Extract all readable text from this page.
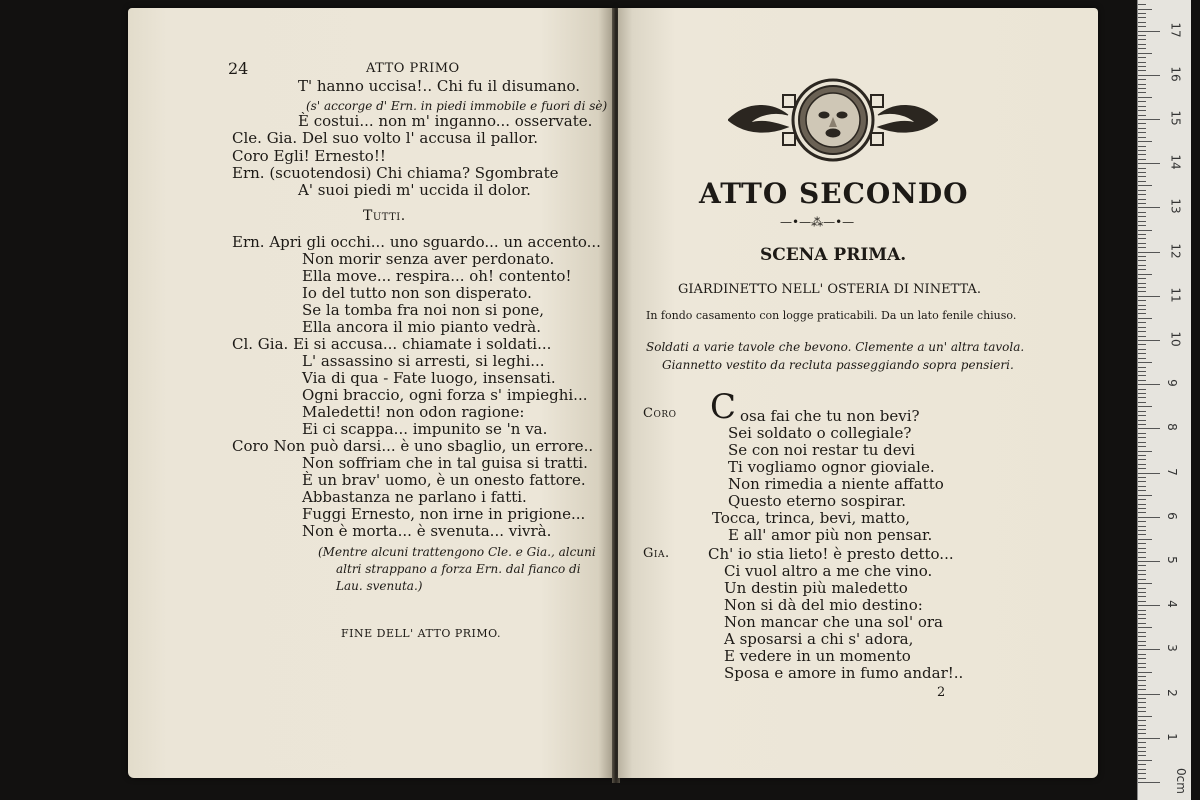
24	ATTO PRIMO
T' hanno uccisa!.. Chi fu il disumano.
(s' accorge d' Ern. in piedi immobile e fuori di sè)
È costui... non m' inganno... osservate.
Cle. Gia. Del suo volto l' accusa il pallor.
Coro Egli! Ernesto!!
Ern. (scuotendosi) Chi chiama? Sgombrate
A' suoi piedi m' uccida il dolor.
Tutti.
Ern. Apri gli occhi... uno sguardo... un accento...
Non morir senza aver perdonato.
Ella move... respira... oh! contento!
Io del tutto non son disperato.
Se la tomba fra noi non si pone,
Ella ancora il mio pianto vedrà.
Cl. Gia. Ei si accusa... chiamate i soldati...
L' assassino si arresti, si leghi...
Via di qua - Fate luogo, insensati.
Ogni braccio, ogni forza s' impieghi...
Maledetti! non odon ragione:
Ei ci scappa... impunito se 'n va.
Coro Non può darsi... è uno sbaglio, un errore..
Non soffriam che in tal guisa si tratti.
È un brav' uomo, è un onesto fattore.
Abbastanza ne parlano i fatti.
Fuggi Ernesto, non irne in prigione...
Non è morta... è svenuta... vivrà.
(Mentre alcuni trattengono Cle. e Gia., alcuni
altri strappano a forza Ern. dal fianco di
Lau. svenuta.)
FINE DELL' ATTO PRIMO.
ATTO SECONDO
—•—⁂—•—
SCENA PRIMA.
GIARDINETTO NELL' OSTERIA DI NINETTA.
In fondo casamento con logge praticabili. Da un lato fenile chiuso.
Soldati a varie tavole che bevono. Clemente a un' altra tavola.
Giannetto vestito da recluta passeggiando sopra pensieri.
Coro C osa fai che tu non bevi?
Sei soldato o collegiale?
Se con noi restar tu devi
Ti vogliamo ognor gioviale.
Non rimedia a niente affatto
Questo eterno sospirar.
Tocca, trinca, bevi, matto,
E all' amor più non pensar.
Gia.	Ch' io stia lieto! è presto detto...
Ci vuol altro a me che vino.
Un destin più maledetto
Non si dà del mio destino:
Non mancar che una sol' ora
A sposarsi a chi s' adora,
E vedere in un momento
Sposa e amore in fumo andar!..
2
0cm
1
2
3
4
5
6
7
8
9
10
11
12
13
14
15
16
17
